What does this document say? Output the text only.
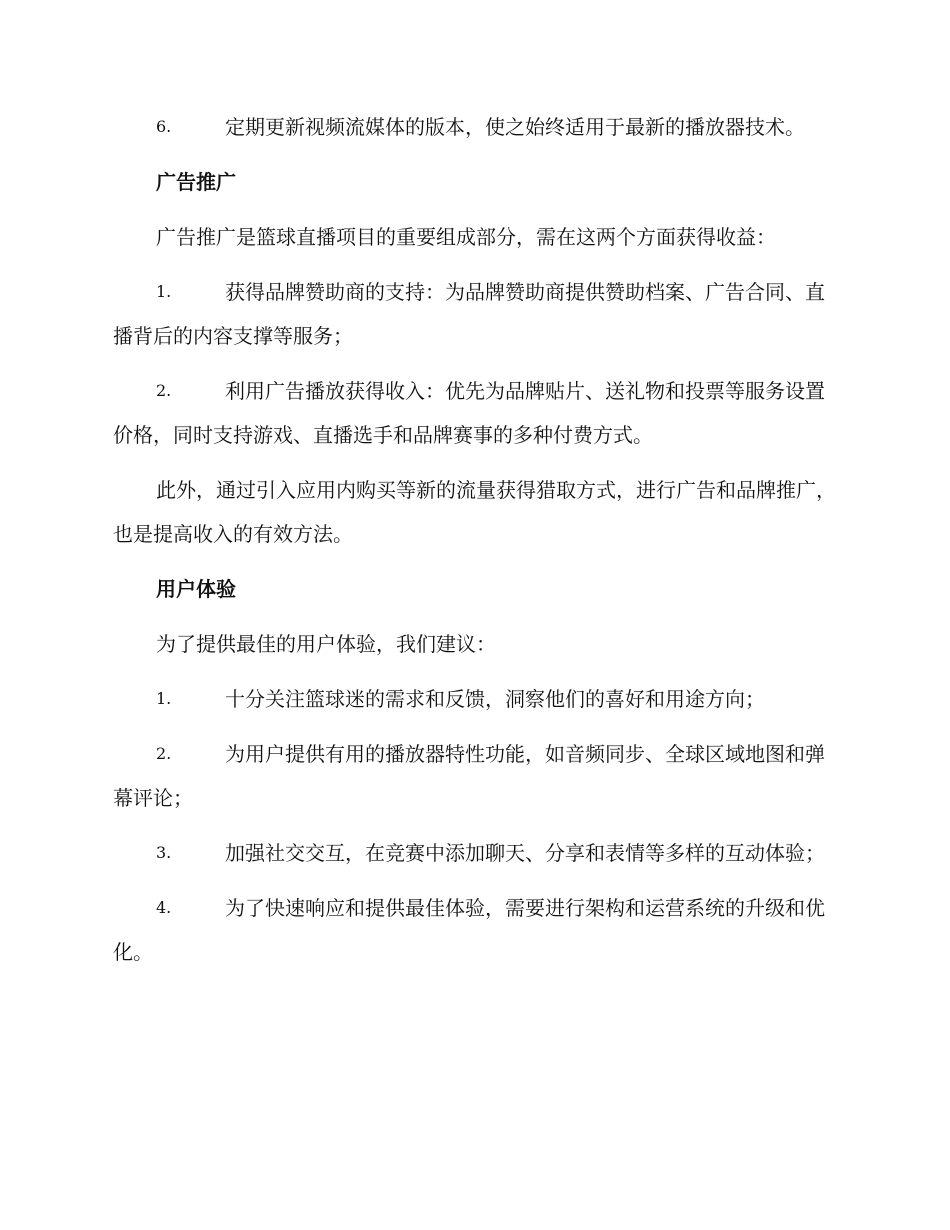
6.	定期更新视频流媒体的版本，使之始终适用于最新的播放器技术。

广告推广

广告推广是篮球直播项目的重要组成部分，需在这两个方面获得收益：

1.	获得品牌赞助商的支持：为品牌赞助商提供赞助档案、广告合同、直播背后的内容支撑等服务；

2.	利用广告播放获得收入：优先为品牌贴片、送礼物和投票等服务设置价格，同时支持游戏、直播选手和品牌赛事的多种付费方式。

此外，通过引入应用内购买等新的流量获得猎取方式，进行广告和品牌推广，也是提高收入的有效方法。

用户体验

为了提供最佳的用户体验，我们建议：

1.	十分关注篮球迷的需求和反馈，洞察他们的喜好和用途方向；

2.	为用户提供有用的播放器特性功能，如音频同步、全球区域地图和弹幕评论；

3.	加强社交交互，在竞赛中添加聊天、分享和表情等多样的互动体验；

4.	为了快速响应和提供最佳体验，需要进行架构和运营系统的升级和优化。
